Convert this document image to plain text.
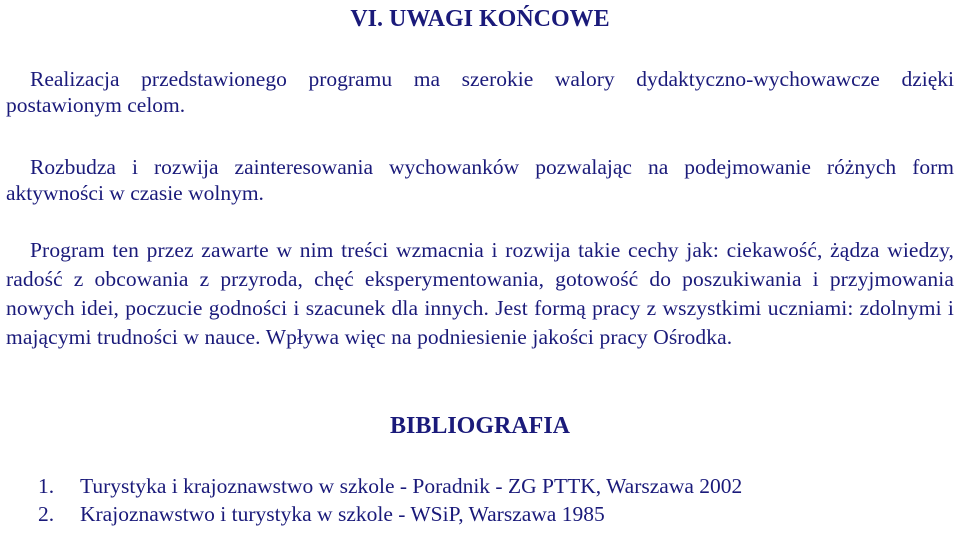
VI. UWAGI KOŃCOWE

Realizacja przedstawionego programu ma szerokie walory dydaktyczno-wychowawcze dzięki postawionym celom.

Rozbudza i rozwija zainteresowania wychowanków pozwalając na podejmowanie różnych form aktywności w czasie wolnym.

Program ten przez zawarte w nim treści wzmacnia i rozwija takie cechy jak: ciekawość, żądza wiedzy, radość z obcowania z przyroda, chęć eksperymentowania, gotowość do poszukiwania i przyjmowania nowych idei, poczucie godności i szacunek dla innych. Jest formą pracy z wszystkimi uczniami: zdolnymi i mającymi trudności w nauce. Wpływa więc na podniesienie jakości pracy Ośrodka.

BIBLIOGRAFIA
1.	Turystyka i krajoznawstwo w szkole - Poradnik - ZG PTTK, Warszawa 2002
2.	Krajoznawstwo i turystyka w szkole - WSiP, Warszawa 1985
